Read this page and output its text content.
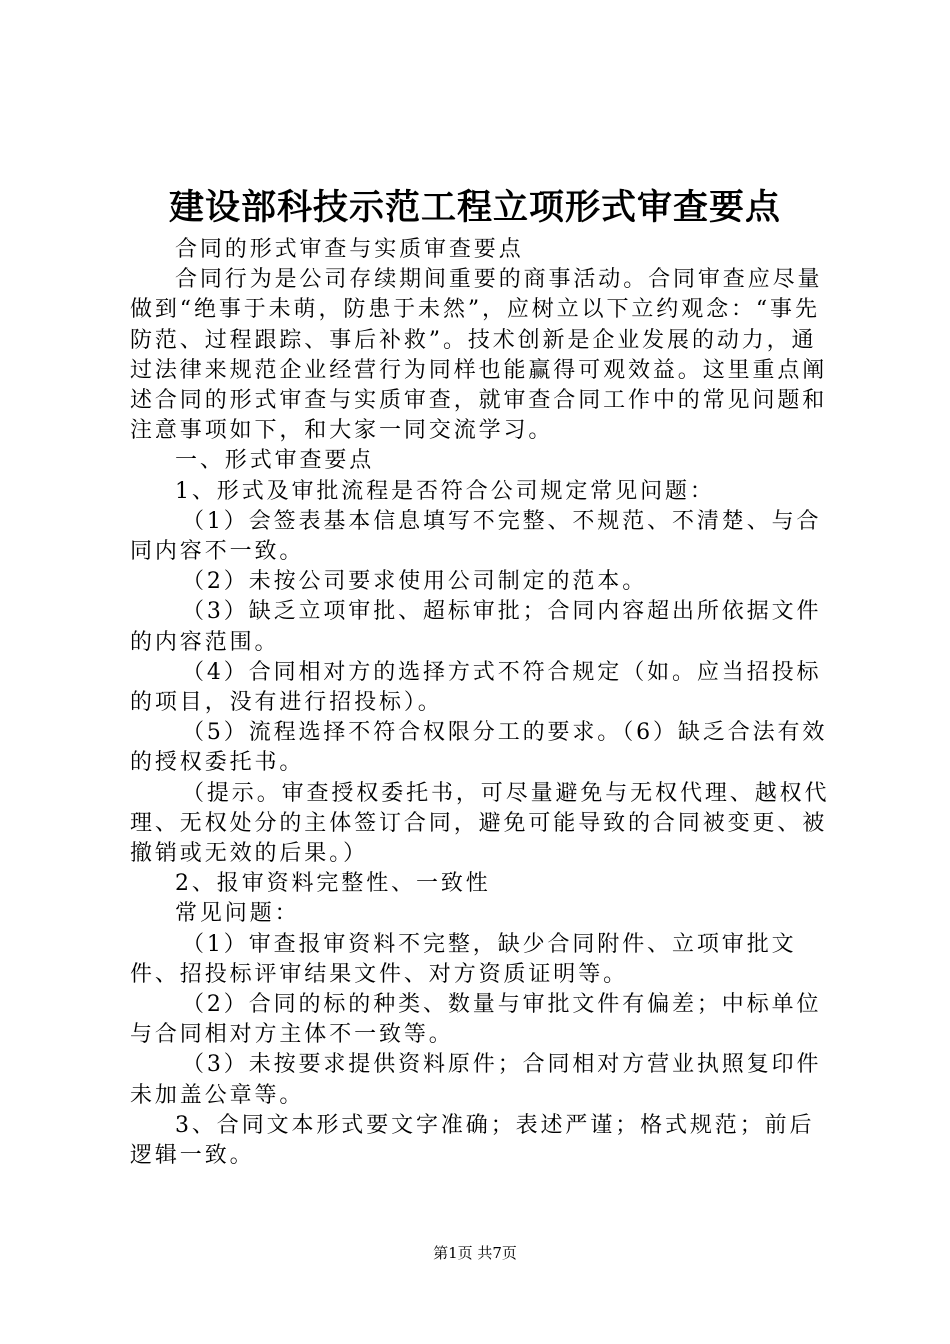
建设部科技示范工程立项形式审查要点

合同的形式审查与实质审查要点

合同行为是公司存续期间重要的商事活动。合同审查应尽量做到“绝事于未萌，防患于未然”，应树立以下立约观念：“事先防范、过程跟踪、事后补救”。技术创新是企业发展的动力，通过法律来规范企业经营行为同样也能赢得可观效益。这里重点阐述合同的形式审查与实质审查，就审查合同工作中的常见问题和注意事项如下，和大家一同交流学习。

一、形式审查要点

1、形式及审批流程是否符合公司规定常见问题：

（1）会签表基本信息填写不完整、不规范、不清楚、与合同内容不一致。

（2）未按公司要求使用公司制定的范本。

（3）缺乏立项审批、超标审批；合同内容超出所依据文件的内容范围。

（4）合同相对方的选择方式不符合规定（如。应当招投标的项目，没有进行招投标）。

（5）流程选择不符合权限分工的要求。（6）缺乏合法有效的授权委托书。

（提示。审查授权委托书，可尽量避免与无权代理、越权代理、无权处分的主体签订合同，避免可能导致的合同被变更、被撤销或无效的后果。）

2、报审资料完整性、一致性

常见问题：

（1）审查报审资料不完整，缺少合同附件、立项审批文件、招投标评审结果文件、对方资质证明等。

（2）合同的标的种类、数量与审批文件有偏差；中标单位与合同相对方主体不一致等。

（3）未按要求提供资料原件；合同相对方营业执照复印件未加盖公章等。

3、合同文本形式要文字准确；表述严谨；格式规范；前后逻辑一致。

第1页 共7页
